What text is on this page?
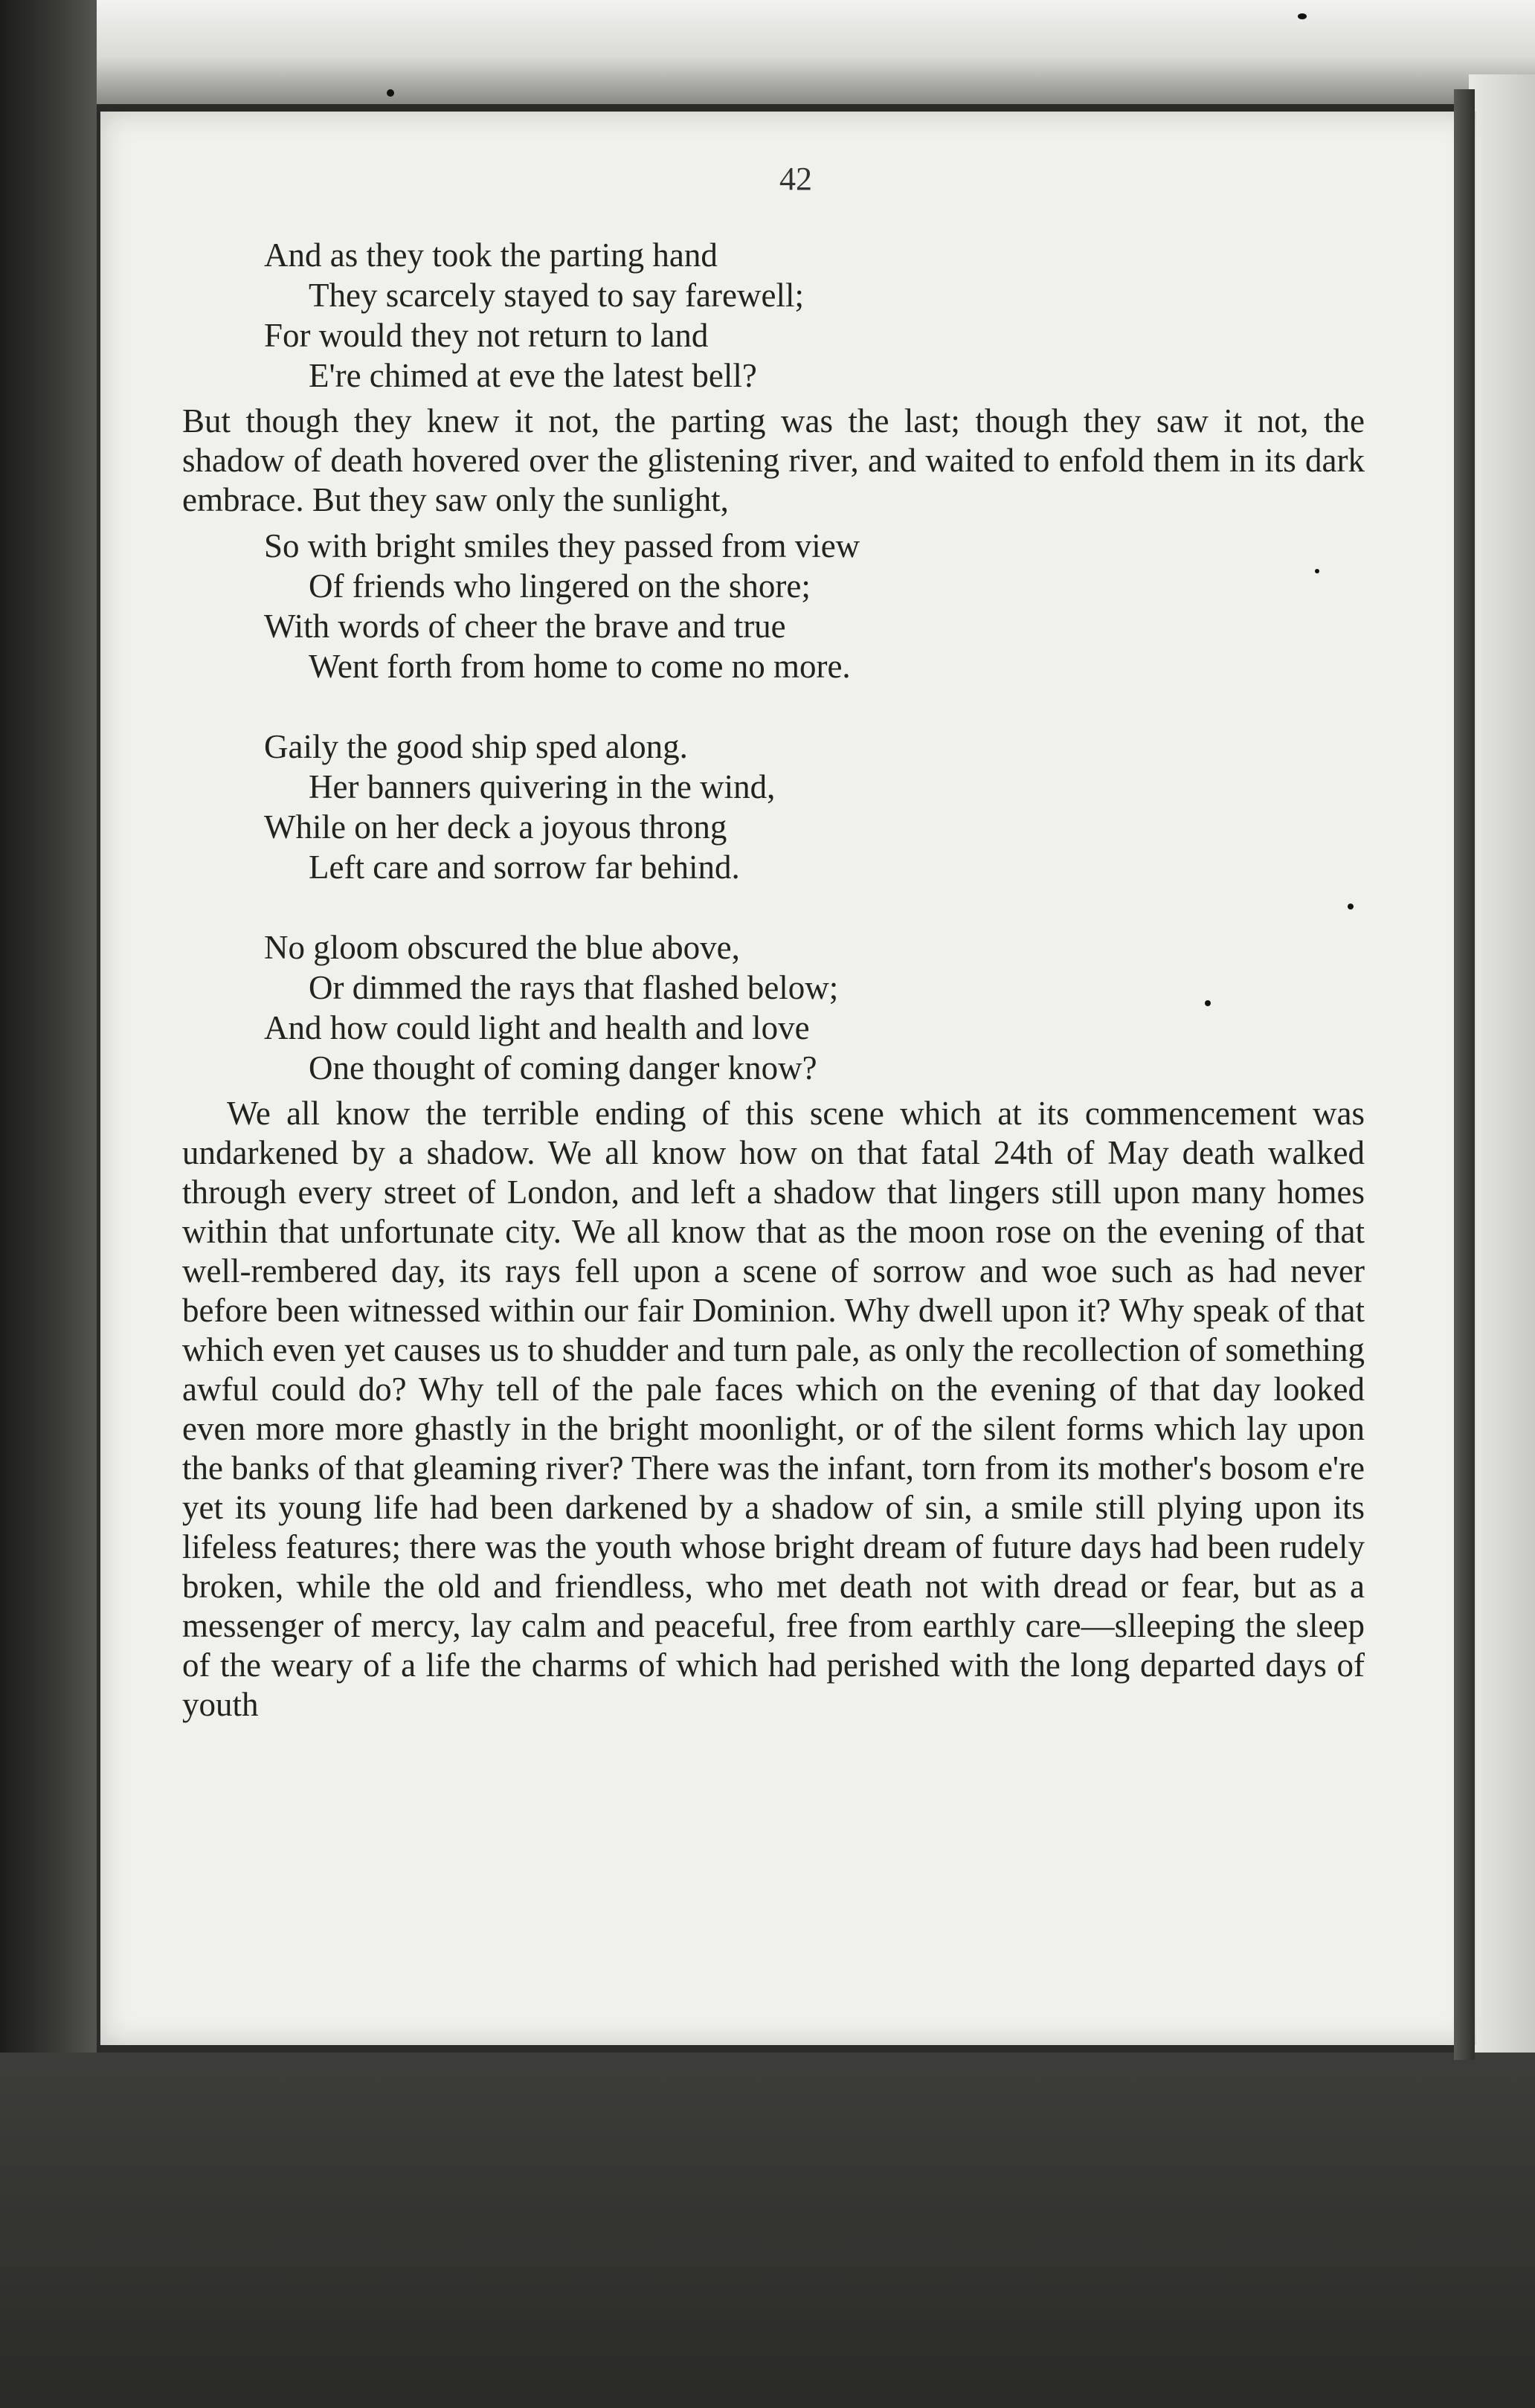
42
And as they took the parting hand
They scarcely stayed to say farewell;
For would they not return to land
E're chimed at eve the latest bell?

But though they knew it not, the parting was the last; though they saw it not, the shadow of death hovered over the glistening river, and waited to enfold them in its dark embrace. But they saw only the sunlight,

So with bright smiles they passed from view
Of friends who lingered on the shore;
With words of cheer the brave and true
Went forth from home to come no more.
Gaily the good ship sped along.
Her banners quivering in the wind,
While on her deck a joyous throng
Left care and sorrow far behind.
No gloom obscured the blue above,
Or dimmed the rays that flashed below;
And how could light and health and love
One thought of coming danger know?

We all know the terrible ending of this scene which at its commencement was undarkened by a shadow. We all know how on that fatal 24th of May death walked through every street of London, and left a shadow that lingers still upon many homes within that unfortunate city. We all know that as the moon rose on the evening of that well-rembered day, its rays fell upon a scene of sorrow and woe such as had never before been witnessed within our fair Dominion. Why dwell upon it? Why speak of that which even yet causes us to shudder and turn pale, as only the recollection of something awful could do? Why tell of the pale faces which on the evening of that day looked even more more ghastly in the bright moonlight, or of the silent forms which lay upon the banks of that gleaming river? There was the infant, torn from its mother's bosom e're yet its young life had been darkened by a shadow of sin, a smile still plying upon its lifeless features; there was the youth whose bright dream of future days had been rudely broken, while the old and friendless, who met death not with dread or fear, but as a messenger of mercy, lay calm and peaceful, free from earthly care—slleeping the sleep of the weary of a life the charms of which had perished with the long departed days of youth
